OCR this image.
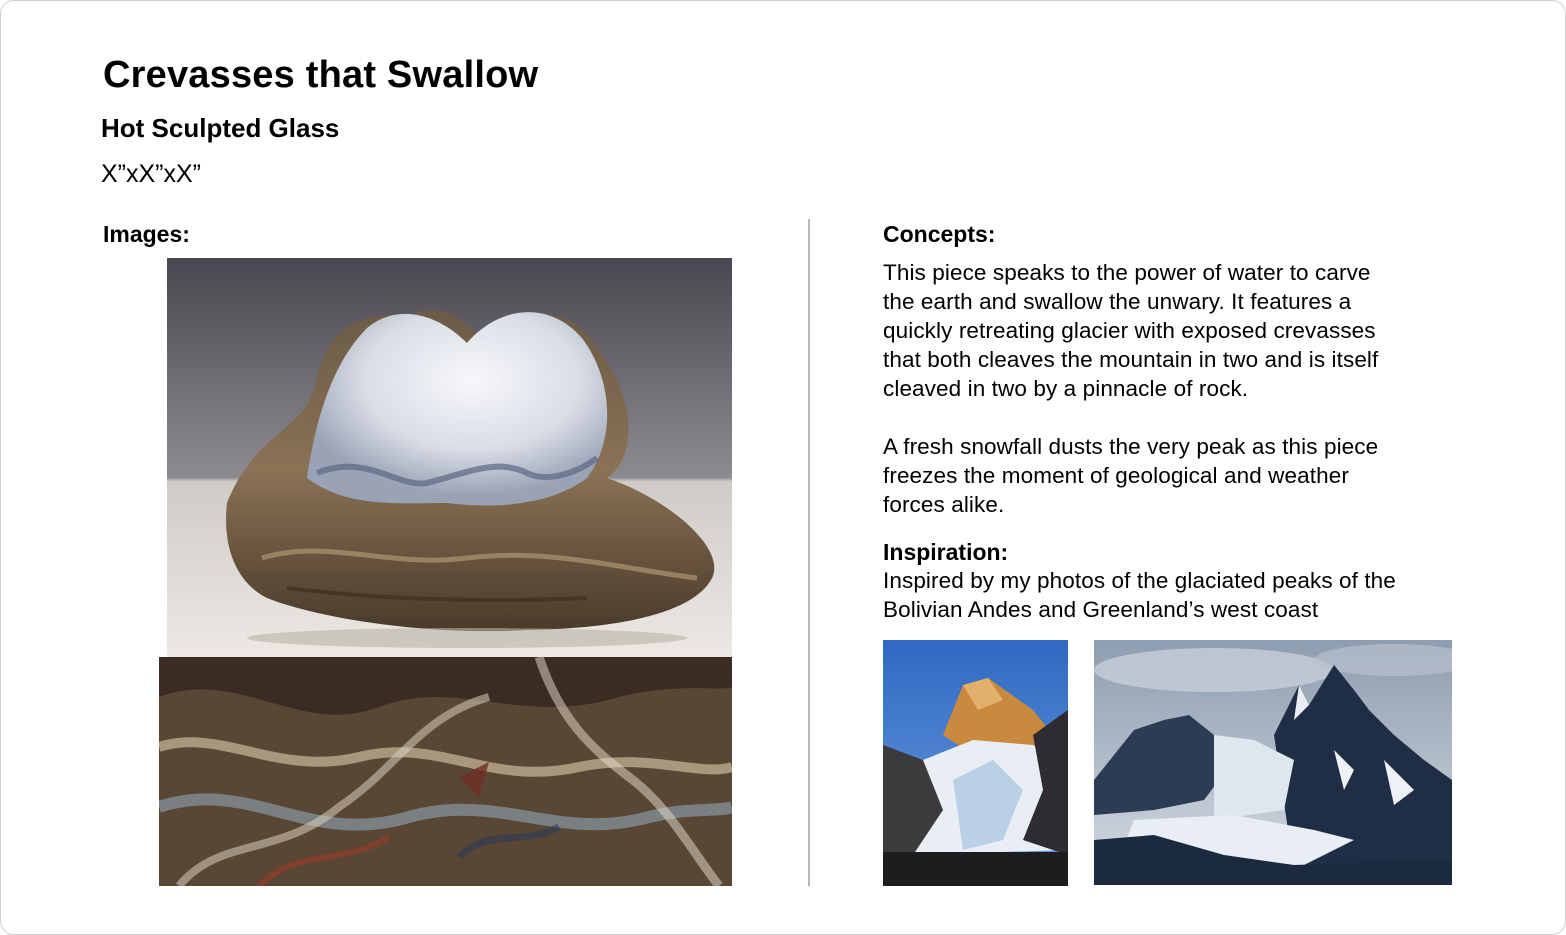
Crevasses that Swallow
Hot Sculpted Glass
X”xX”xX”
Images:	Concepts:
This piece speaks to the power of water to carve
the earth and swallow the unwary. It features a
quickly retreating glacier with exposed crevasses
that both cleaves the mountain in two and is itself
cleaved in two by a pinnacle of rock.
A fresh snowfall dusts the very peak as this piece
freezes the moment of geological and weather
forces alike.
Inspiration:
Inspired by my photos of the glaciated peaks of the
Bolivian Andes and Greenland’s west coast
